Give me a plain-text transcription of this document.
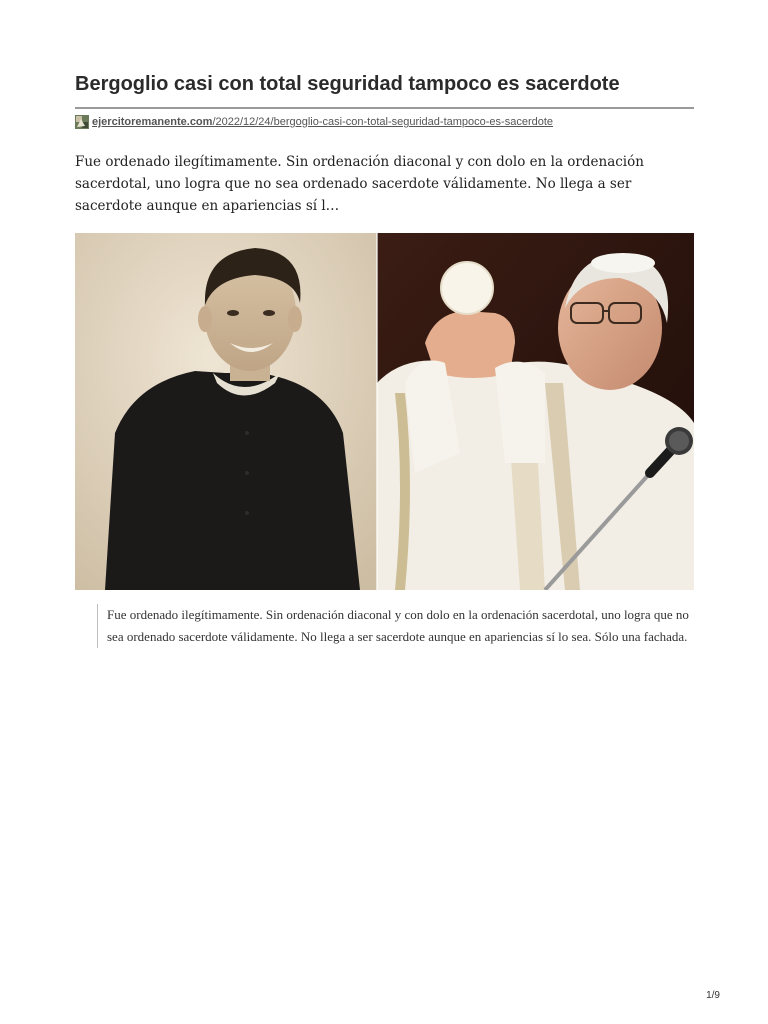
Bergoglio casi con total seguridad tampoco es sacerdote
ejercitoremanente.com/2022/12/24/bergoglio-casi-con-total-seguridad-tampoco-es-sacerdote

Fue ordenado ilegítimamente. Sin ordenación diaconal y con dolo en la ordenación sacerdotal, uno logra que no sea ordenado sacerdote válidamente. No llega a ser sacerdote aunque en apariencias sí l…

Fue ordenado ilegítimamente. Sin ordenación diaconal y con dolo en la ordenación sacerdotal, uno logra que no sea ordenado sacerdote válidamente. No llega a ser sacerdote aunque en apariencias sí lo sea. Sólo una fachada.

1/9
